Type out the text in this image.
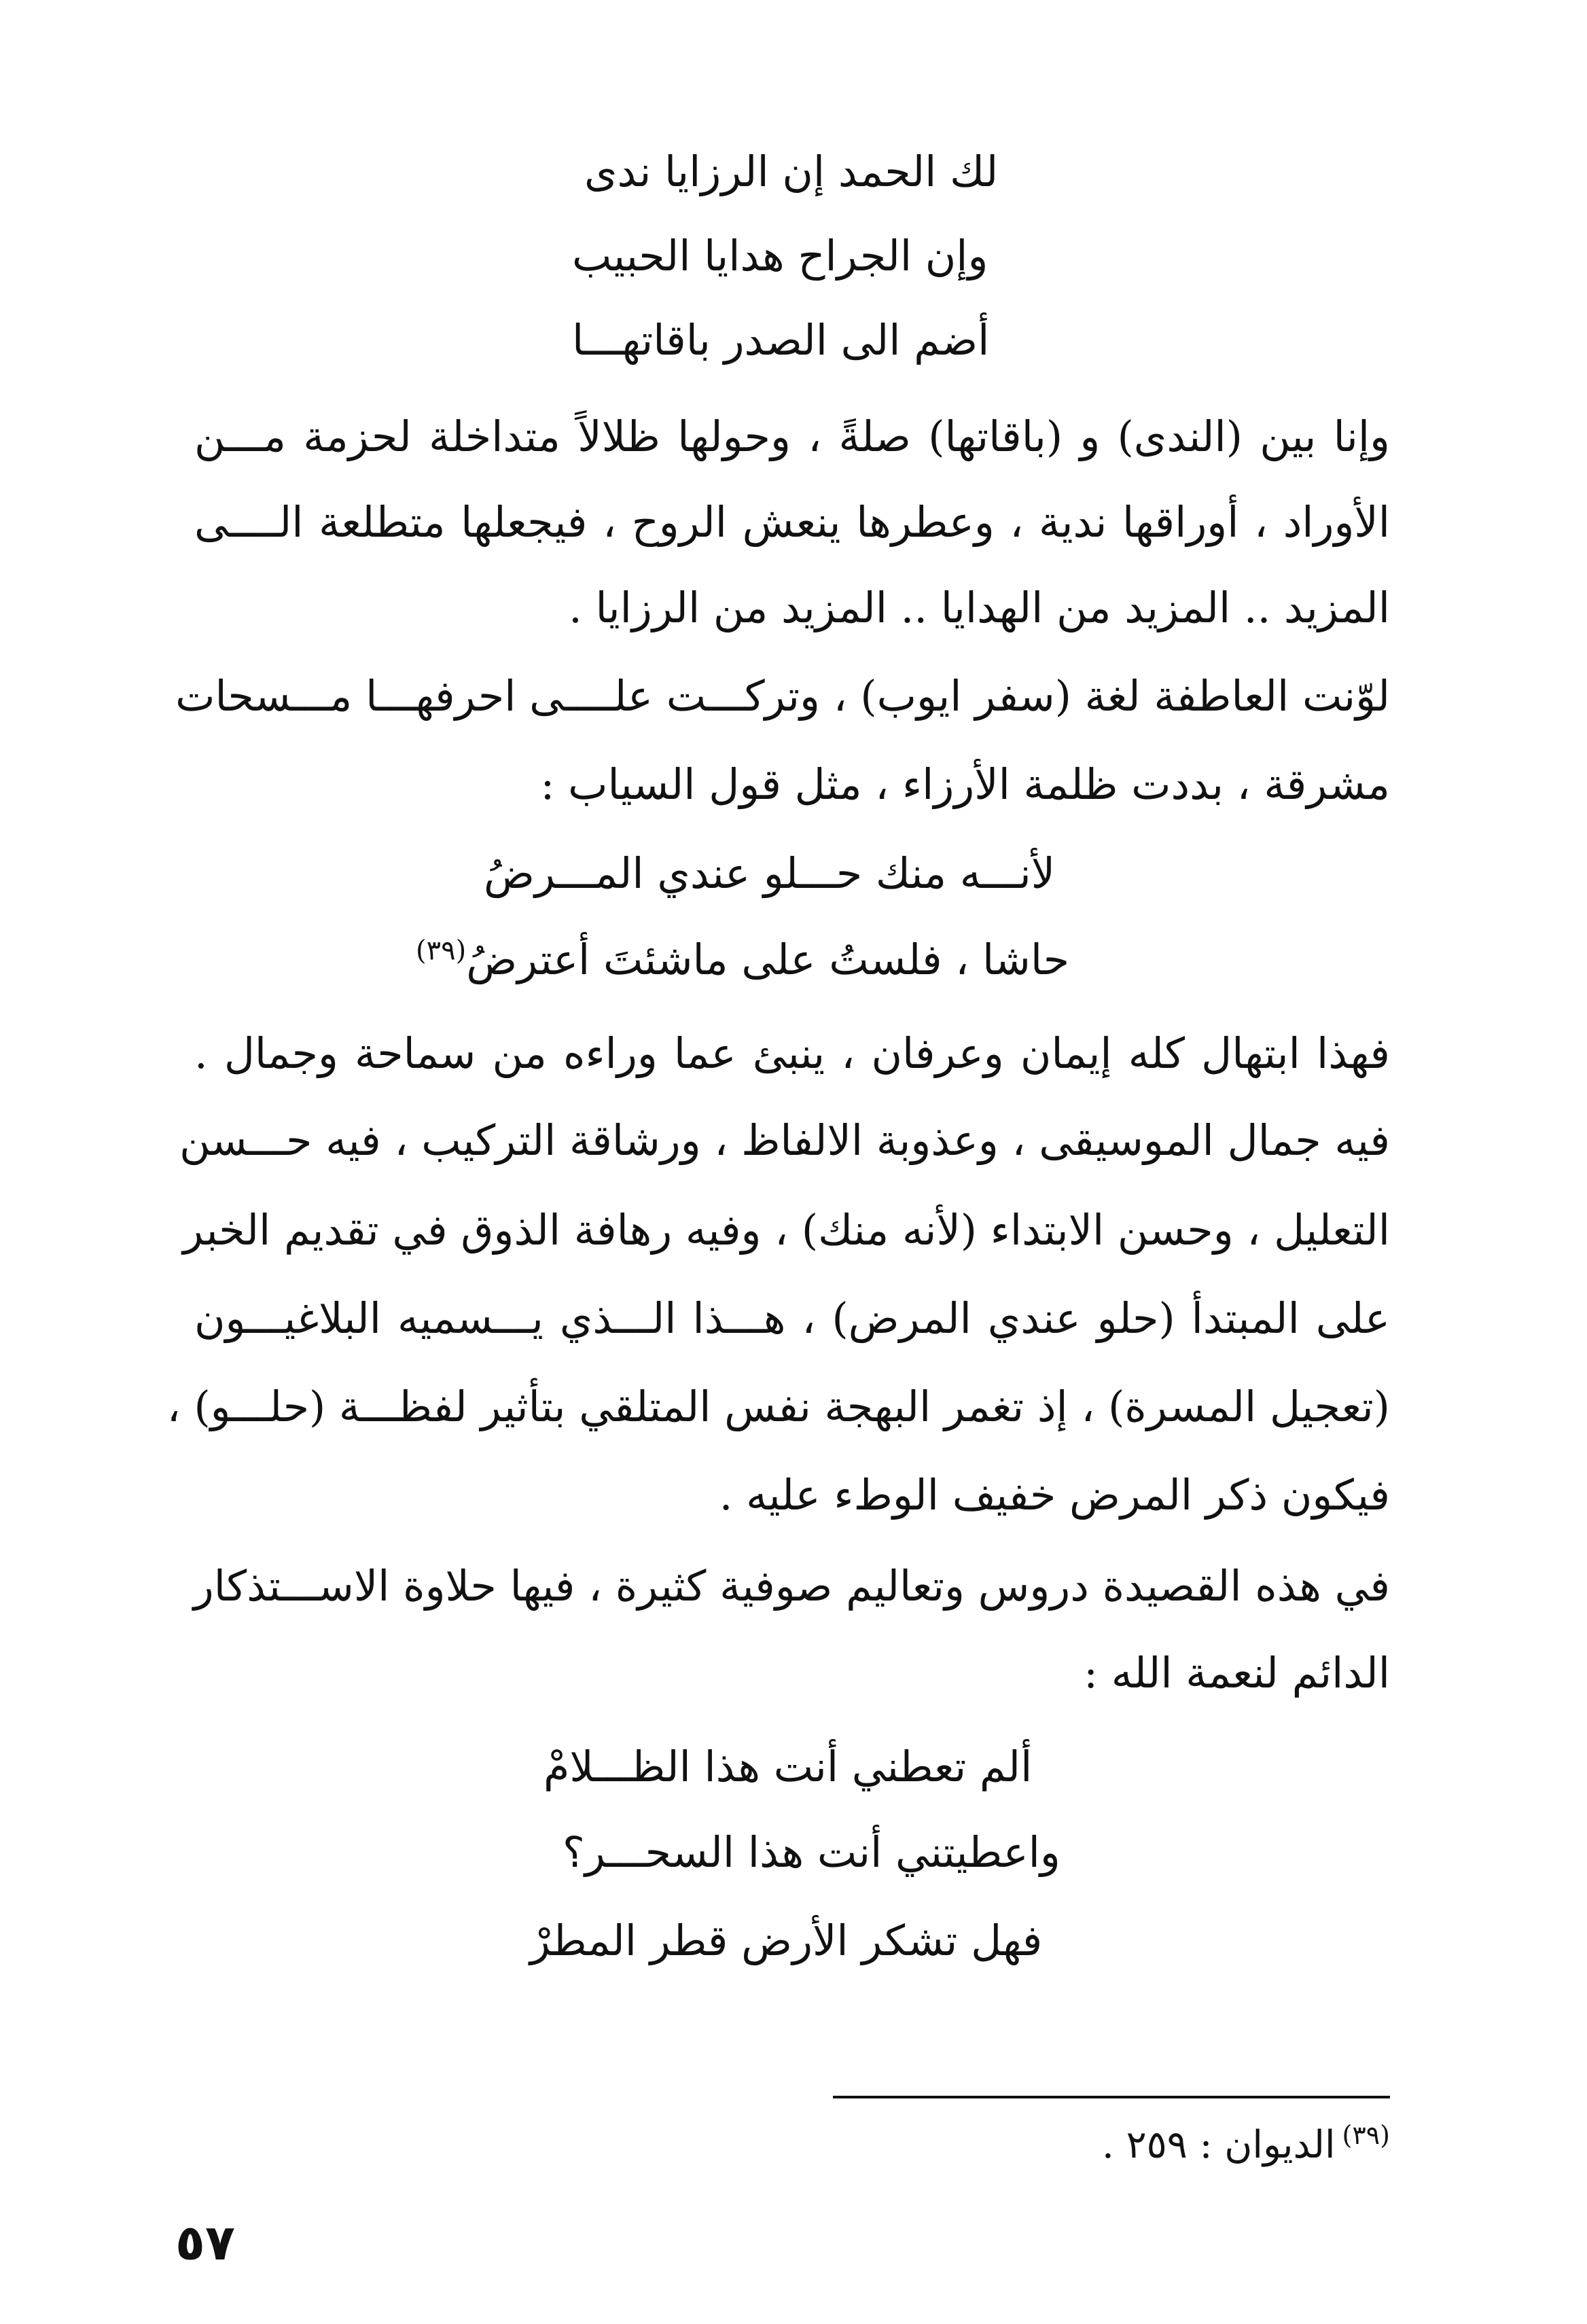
لك الحمد إن الرزايا ندى
وإن الجراح هدايا الحبيب
أضم الى الصدر باقاتهـــا
وإنا بين (الندى) و (باقاتها) صلةً ، وحولها ظلالاً متداخلة لحزمة مـــن
الأوراد ، أوراقها ندية ، وعطرها ينعش الروح ، فيجعلها متطلعة الــــى
المزيد .. المزيد من الهدايا .. المزيد من الرزايا .
لوّنت العاطفة لغة (سفر ايوب) ، وتركـــت علــــى احرفهـــا مـــسحات
مشرقة ، بددت ظلمة الأرزاء ، مثل قول السياب :
لأنـــه منك حـــلو عندي المـــرضُ
حاشا ، فلستُ على ماشئتَ أعترضُ$^{(٣٩)}$
فهذا ابتهال كله إيمان وعرفان ، ينبئ عما وراءه من سماحة وجمال .
فيه جمال الموسيقى ، وعذوبة الالفاظ ، ورشاقة التركيب ، فيه حـــسن
التعليل ، وحسن الابتداء (لأنه منك) ، وفيه رهافة الذوق في تقديم الخبر
على المبتدأ (حلو عندي المرض) ، هـــذا الـــذي يـــسميه البلاغيـــون
(تعجيل المسرة) ، إذ تغمر البهجة نفس المتلقي بتأثير لفظـــة (حلـــو) ،
فيكون ذكر المرض خفيف الوطء عليه .
في هذه القصيدة دروس وتعاليم صوفية كثيرة ، فيها حلاوة الاســـتذكار
الدائم لنعمة الله :
ألم تعطني أنت هذا الظـــلامْ
واعطيتني أنت هذا السحـــر؟
فهل تشكر الأرض قطر المطرْ
$^{(٣٩)}$الديوان : ٢٥٩ .
٥٧
